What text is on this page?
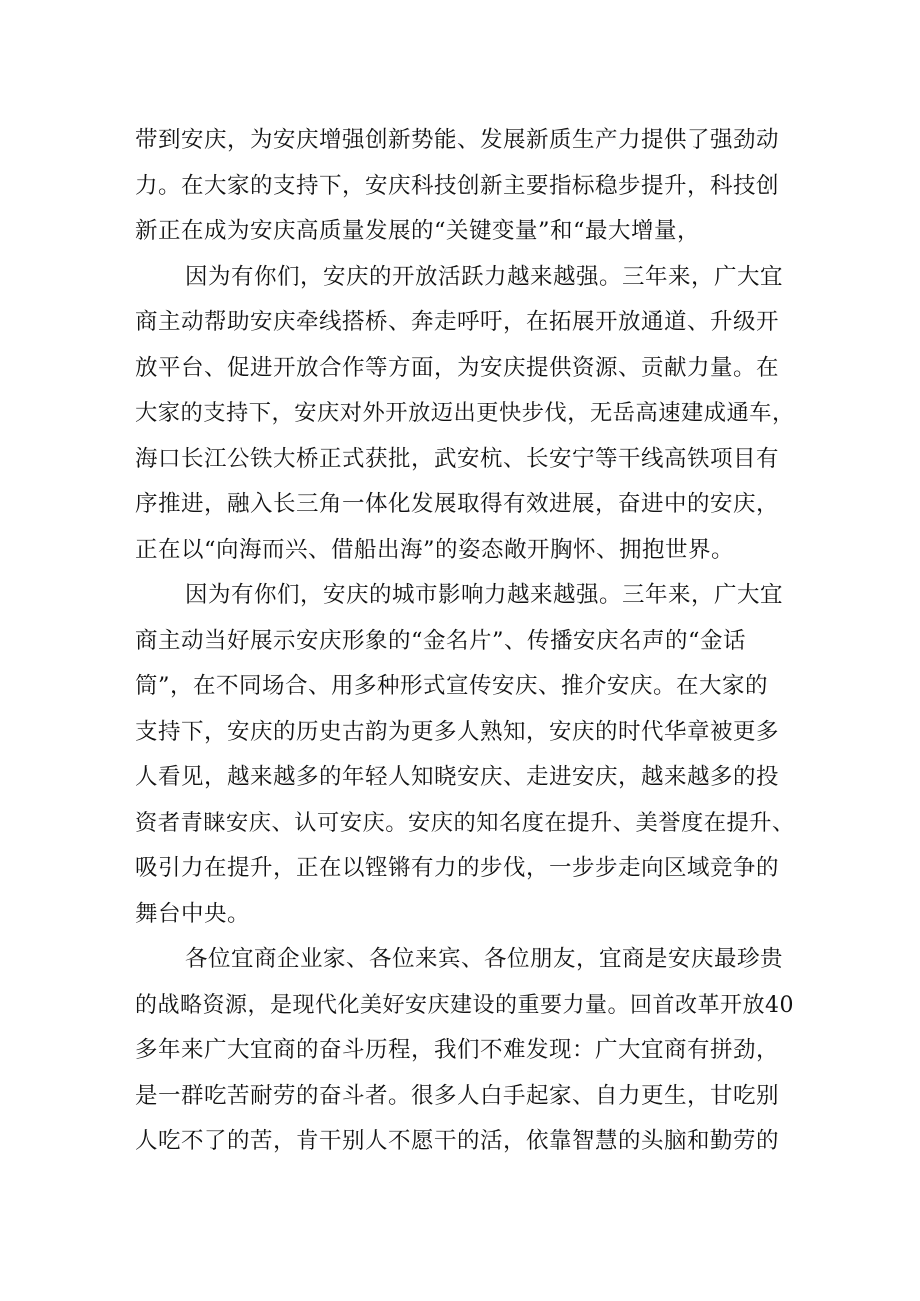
带到安庆，为安庆增强创新势能、发展新质生产力提供了强劲动
力。在大家的支持下，安庆科技创新主要指标稳步提升，科技创
新正在成为安庆高质量发展的“关键变量”和“最大增量，
因为有你们，安庆的开放活跃力越来越强。三年来，广大宜
商主动帮助安庆牵线搭桥、奔走呼吁，在拓展开放通道、升级开
放平台、促进开放合作等方面，为安庆提供资源、贡献力量。在
大家的支持下，安庆对外开放迈出更快步伐，无岳高速建成通车，
海口长江公铁大桥正式获批，武安杭、长安宁等干线高铁项目有
序推进，融入长三角一体化发展取得有效进展，奋进中的安庆，
正在以“向海而兴、借船出海”的姿态敞开胸怀、拥抱世界。
因为有你们，安庆的城市影响力越来越强。三年来，广大宜
商主动当好展示安庆形象的“金名片”、传播安庆名声的“金话
筒”，在不同场合、用多种形式宣传安庆、推介安庆。在大家的
支持下，安庆的历史古韵为更多人熟知，安庆的时代华章被更多
人看见，越来越多的年轻人知晓安庆、走进安庆，越来越多的投
资者青睐安庆、认可安庆。安庆的知名度在提升、美誉度在提升、
吸引力在提升，正在以铿锵有力的步伐，一步步走向区域竞争的
舞台中央。
各位宜商企业家、各位来宾、各位朋友，宜商是安庆最珍贵
的战略资源，是现代化美好安庆建设的重要力量。回首改革开放40
多年来广大宜商的奋斗历程，我们不难发现：广大宜商有拼劲，
是一群吃苦耐劳的奋斗者。很多人白手起家、自力更生，甘吃别
人吃不了的苦，肯干别人不愿干的活，依靠智慧的头脑和勤劳的
